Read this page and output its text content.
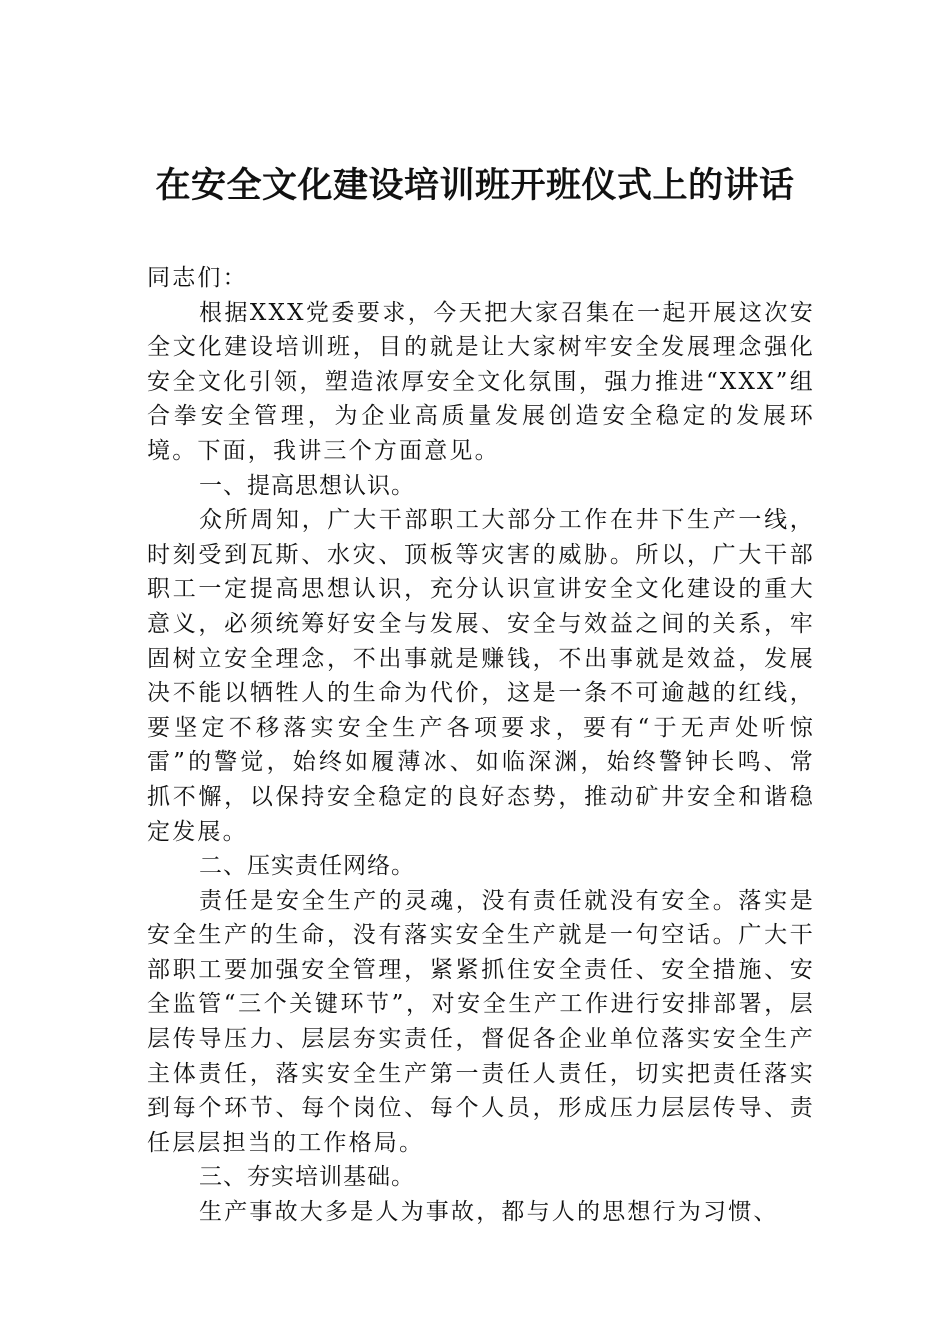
在安全文化建设培训班开班仪式上的讲话

同志们：

根据XXX党委要求，今天把大家召集在一起开展这次安全文化建设培训班，目的就是让大家树牢安全发展理念强化安全文化引领，塑造浓厚安全文化氛围，强力推进“XXX”组合拳安全管理，为企业高质量发展创造安全稳定的发展环境。下面，我讲三个方面意见。

一、提高思想认识。

众所周知，广大干部职工大部分工作在井下生产一线，时刻受到瓦斯、水灾、顶板等灾害的威胁。所以，广大干部职工一定提高思想认识，充分认识宣讲安全文化建设的重大意义，必须统筹好安全与发展、安全与效益之间的关系，牢固树立安全理念，不出事就是赚钱，不出事就是效益，发展决不能以牺牲人的生命为代价，这是一条不可逾越的红线，要坚定不移落实安全生产各项要求，要有“于无声处听惊雷”的警觉，始终如履薄冰、如临深渊，始终警钟长鸣、常抓不懈，以保持安全稳定的良好态势，推动矿井安全和谐稳定发展。

二、压实责任网络。

责任是安全生产的灵魂，没有责任就没有安全。落实是安全生产的生命，没有落实安全生产就是一句空话。广大干部职工要加强安全管理，紧紧抓住安全责任、安全措施、安全监管“三个关键环节”，对安全生产工作进行安排部署，层层传导压力、层层夯实责任，督促各企业单位落实安全生产主体责任，落实安全生产第一责任人责任，切实把责任落实到每个环节、每个岗位、每个人员，形成压力层层传导、责任层层担当的工作格局。

三、夯实培训基础。

生产事故大多是人为事故，都与人的思想行为习惯、
